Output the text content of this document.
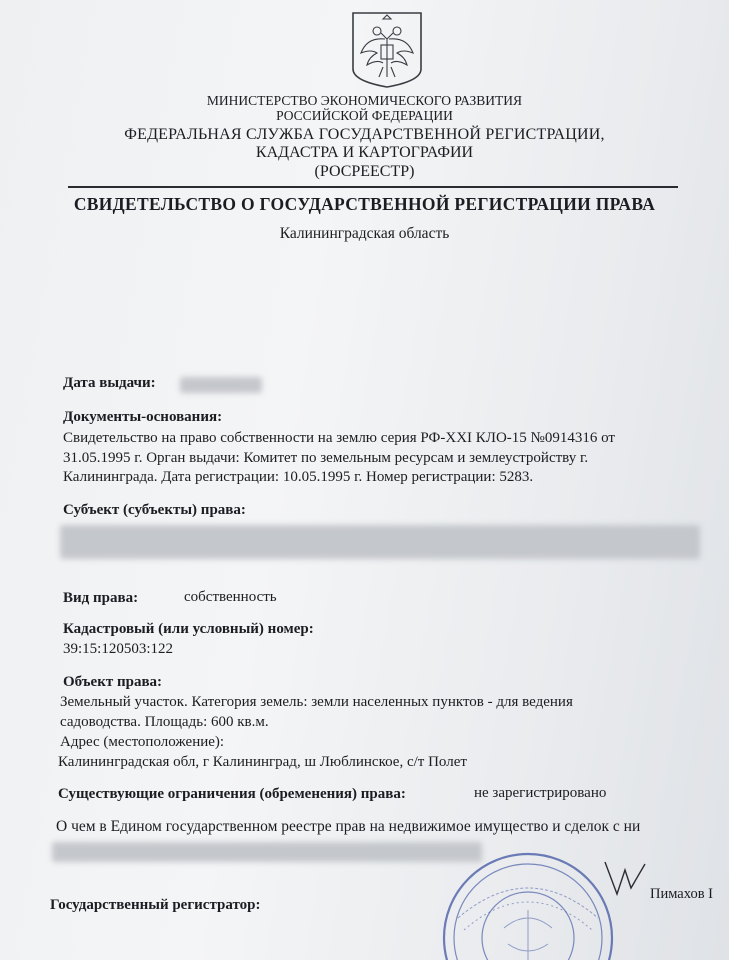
МИНИСТЕРСТВО ЭКОНОМИЧЕСКОГО РАЗВИТИЯ
РОССИЙСКОЙ ФЕДЕРАЦИИ
ФЕДЕРАЛЬНАЯ СЛУЖБА ГОСУДАРСТВЕННОЙ РЕГИСТРАЦИИ,
КАДАСТРА И КАРТОГРАФИИ
(РОСРЕЕСТР)
СВИДЕТЕЛЬСТВО О ГОСУДАРСТВЕННОЙ РЕГИСТРАЦИИ ПРАВА
Калининградская область
Дата выдачи:
Документы-основания:
Свидетельство на право собственности на землю серия РФ-XXI КЛО-15 №0914316 от
31.05.1995 г. Орган выдачи: Комитет по земельным ресурсам и землеустройству г.
Калининграда. Дата регистрации: 10.05.1995 г. Номер регистрации: 5283.
Субъект (субъекты) права:
Вид права:	собственность
Кадастровый (или условный) номер:
39:15:120503:122
Объект права:
Земельный участок. Категория земель: земли населенных пунктов - для ведения
садоводства. Площадь: 600 кв.м.
Адрес (местоположение):
Калининградская обл, г Калининград, ш Люблинское, с/т Полет
Существующие ограничения (обременения) права:	не зарегистрировано
О чем в Едином государственном реестре прав на недвижимое имущество и сделок с ни
Государственный регистратор:
Пимахов I
